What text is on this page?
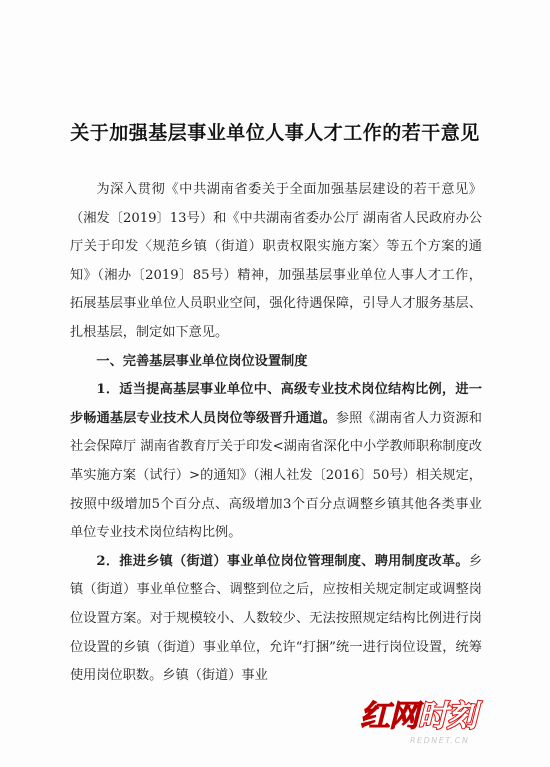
关于加强基层事业单位人事人才工作的若干意见

为深入贯彻《中共湖南省委关于全面加强基层建设的若干意见》（湘发〔2019〕13号）和《中共湖南省委办公厅 湖南省人民政府办公厅关于印发〈规范乡镇（街道）职责权限实施方案〉等五个方案的通知》（湘办〔2019〕85号）精神，加强基层事业单位人事人才工作，拓展基层事业单位人员职业空间，强化待遇保障，引导人才服务基层、扎根基层，制定如下意见。

一、完善基层事业单位岗位设置制度

1．适当提高基层事业单位中、高级专业技术岗位结构比例，进一步畅通基层专业技术人员岗位等级晋升通道。参照《湖南省人力资源和社会保障厅 湖南省教育厅关于印发<湖南省深化中小学教师职称制度改革实施方案（试行）>的通知》（湘人社发〔2016〕50号）相关规定，按照中级增加5个百分点、高级增加3个百分点调整乡镇其他各类事业单位专业技术岗位结构比例。

2．推进乡镇（街道）事业单位岗位管理制度、聘用制度改革。乡镇（街道）事业单位整合、调整到位之后，应按相关规定制定或调整岗位设置方案。对于规模较小、人数较少、无法按照规定结构比例进行岗位设置的乡镇（街道）事业单位，允许“打捆”统一进行岗位设置，统筹使用岗位职数。乡镇（街道）事业

红网时刻
REDNET.CN
